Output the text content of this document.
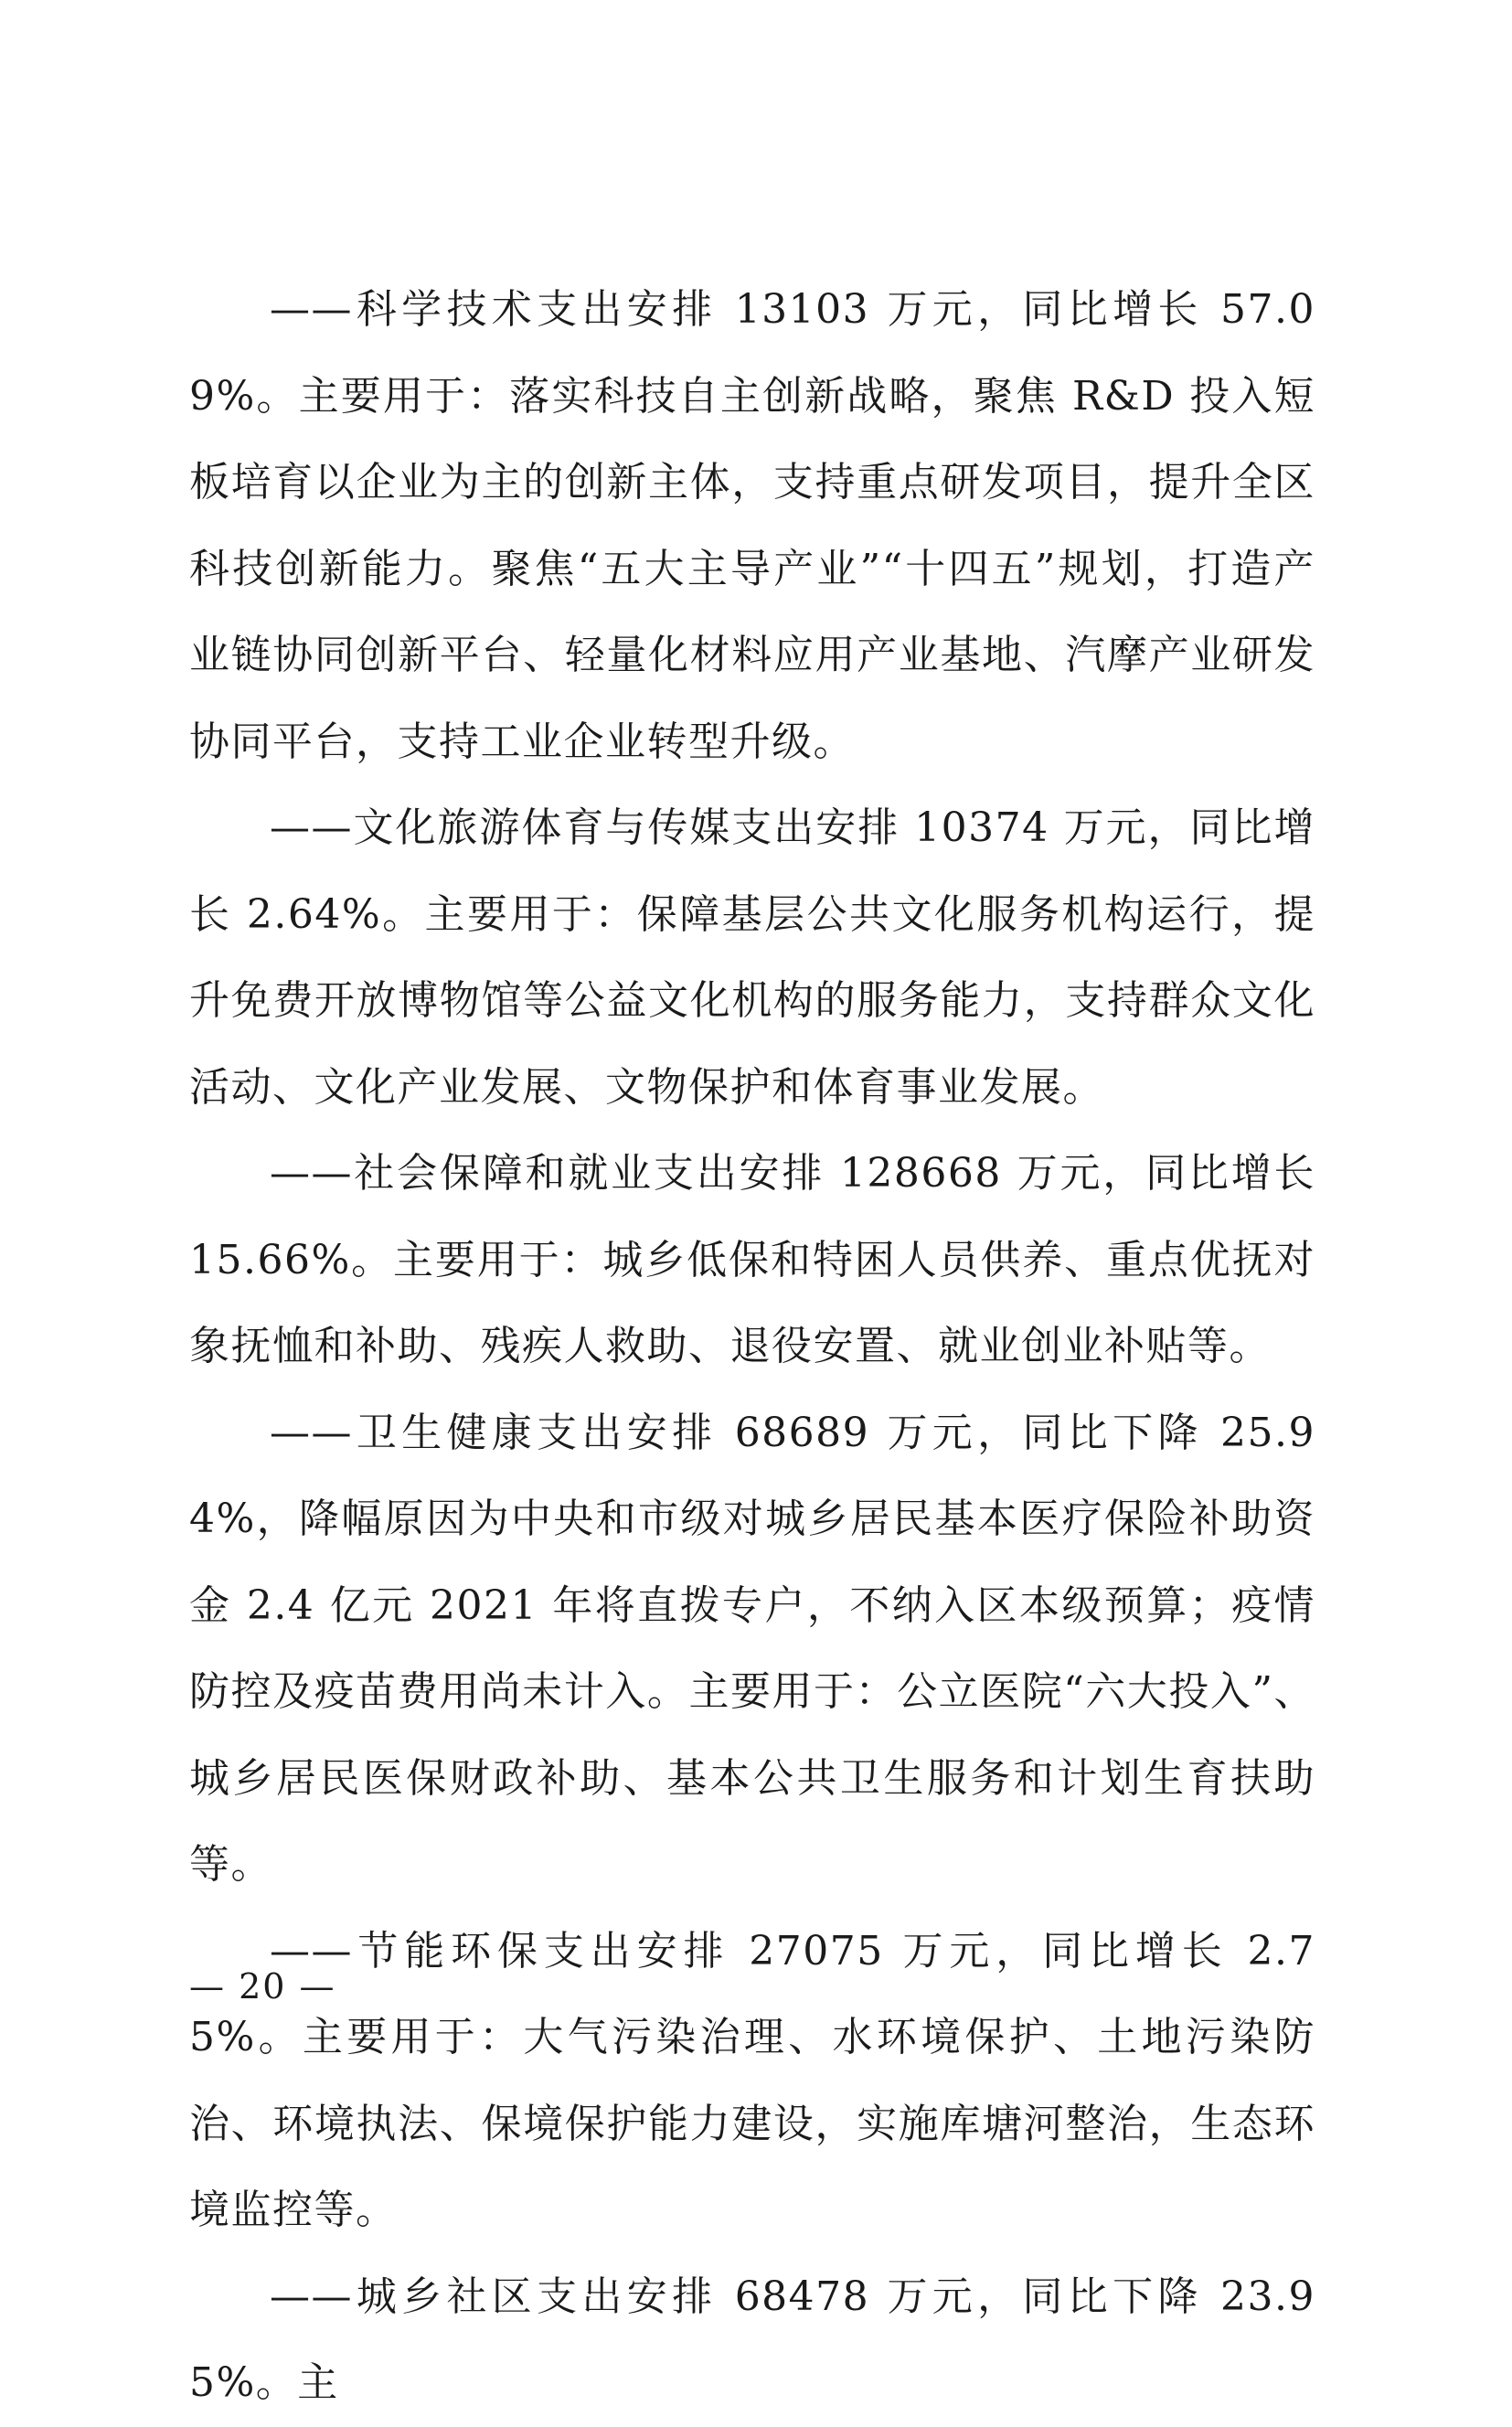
——科学技术支出安排 13103 万元，同比增长 57.09%。主要用于：落实科技自主创新战略，聚焦 R&D 投入短板培育以企业为主的创新主体，支持重点研发项目，提升全区科技创新能力。聚焦“五大主导产业”“十四五”规划，打造产业链协同创新平台、轻量化材料应用产业基地、汽摩产业研发协同平台，支持工业企业转型升级。

——文化旅游体育与传媒支出安排 10374 万元，同比增长 2.64%。主要用于：保障基层公共文化服务机构运行，提升免费开放博物馆等公益文化机构的服务能力，支持群众文化活动、文化产业发展、文物保护和体育事业发展。

——社会保障和就业支出安排 128668 万元，同比增长 15.66%。主要用于：城乡低保和特困人员供养、重点优抚对象抚恤和补助、残疾人救助、退役安置、就业创业补贴等。

——卫生健康支出安排 68689 万元，同比下降 25.94%，降幅原因为中央和市级对城乡居民基本医疗保险补助资金 2.4 亿元 2021 年将直拨专户，不纳入区本级预算；疫情防控及疫苗费用尚未计入。主要用于：公立医院“六大投入”、城乡居民医保财政补助、基本公共卫生服务和计划生育扶助等。

——节能环保支出安排 27075 万元，同比增长 2.75%。主要用于：大气污染治理、水环境保护、土地污染防治、环境执法、保境保护能力建设，实施库塘河整治，生态环境监控等。

——城乡社区支出安排 68478 万元，同比下降 23.95%。主

— 20 —
